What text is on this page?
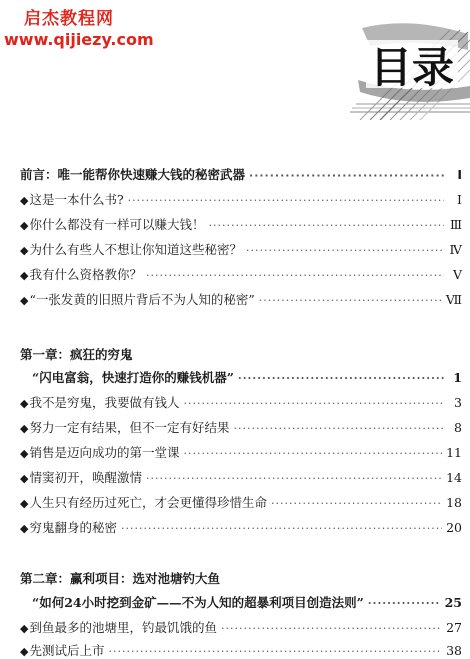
启杰教程网
www.qijiezy.com
目录
前言：唯一能帮你快速赚大钱的秘密武器 ·····	Ⅰ
◆ 这是一本什么书? ·····	Ⅰ
◆ 你什么都没有一样可以赚大钱！ ·····	Ⅲ
◆ 为什么有些人不想让你知道这些秘密？ ·····	Ⅳ
◆ 我有什么资格教你？ ·····	Ⅴ
◆ “一张发黄的旧照片背后不为人知的秘密” ·····	Ⅶ
第一章：疯狂的穷鬼
“闪电富翁，快速打造你的赚钱机器” ·····	1
◆ 我不是穷鬼，我要做有钱人 ·····	3
◆ 努力一定有结果，但不一定有好结果 ·····	8
◆ 销售是迈向成功的第一堂课 ·····	11
◆ 情窦初开，唤醒激情 ·····	14
◆ 人生只有经历过死亡，才会更懂得珍惜生命 ·····	18
◆ 穷鬼翻身的秘密 ·····	20
第二章：赢利项目：选对池塘钓大鱼
“如何24小时挖到金矿——不为人知的超暴利项目创造法则” ·····	25
◆ 到鱼最多的池塘里，钓最饥饿的鱼 ·····	27
◆ 先测试后上市 ·····	38
